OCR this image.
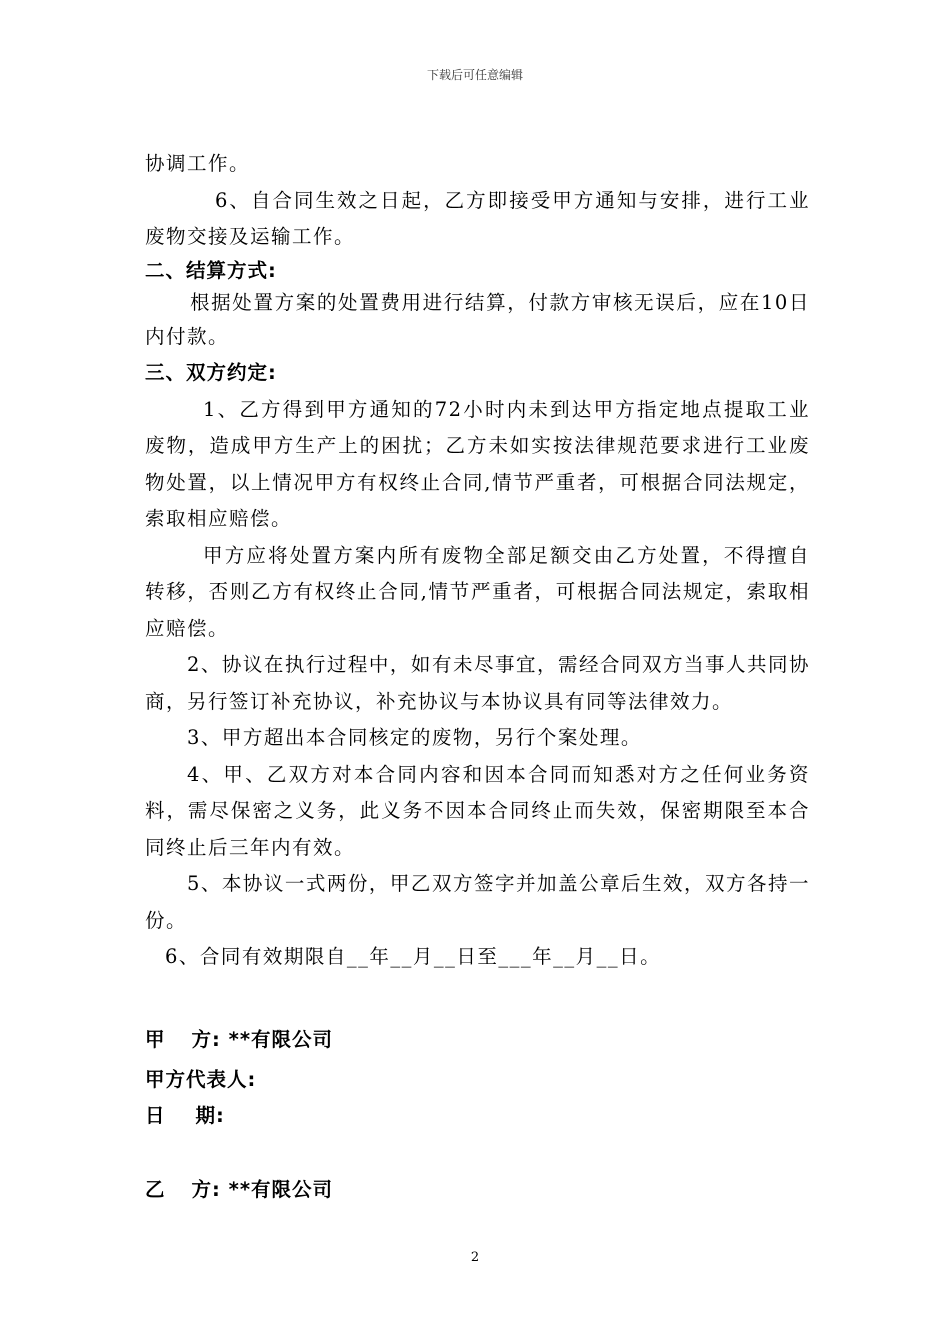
下载后可任意编辑

协调工作。

6、自合同生效之日起，乙方即接受甲方通知与安排，进行工业废物交接及运输工作。

二、结算方式:

根据处置方案的处置费用进行结算，付款方审核无误后，应在10日内付款。

三、双方约定:

1、乙方得到甲方通知的72小时内未到达甲方指定地点提取工业废物，造成甲方生产上的困扰；乙方未如实按法律规范要求进行工业废物处置，以上情况甲方有权终止合同,情节严重者，可根据合同法规定，索取相应赔偿。

甲方应将处置方案内所有废物全部足额交由乙方处置，不得擅自转移，否则乙方有权终止合同,情节严重者，可根据合同法规定，索取相应赔偿。

2、协议在执行过程中，如有未尽事宜，需经合同双方当事人共同协商，另行签订补充协议，补充协议与本协议具有同等法律效力。

3、甲方超出本合同核定的废物，另行个案处理。

4、甲、乙双方对本合同内容和因本合同而知悉对方之任何业务资料，需尽保密之义务，此义务不因本合同终止而失效，保密期限至本合同终止后三年内有效。

5、本协议一式两份，甲乙双方签字并加盖公章后生效，双方各持一份。

6、合同有效期限自__年__月__日至___年__月__日。

甲 方: **有限公司
甲方代表人:
日 期:
乙 方: **有限公司
2
